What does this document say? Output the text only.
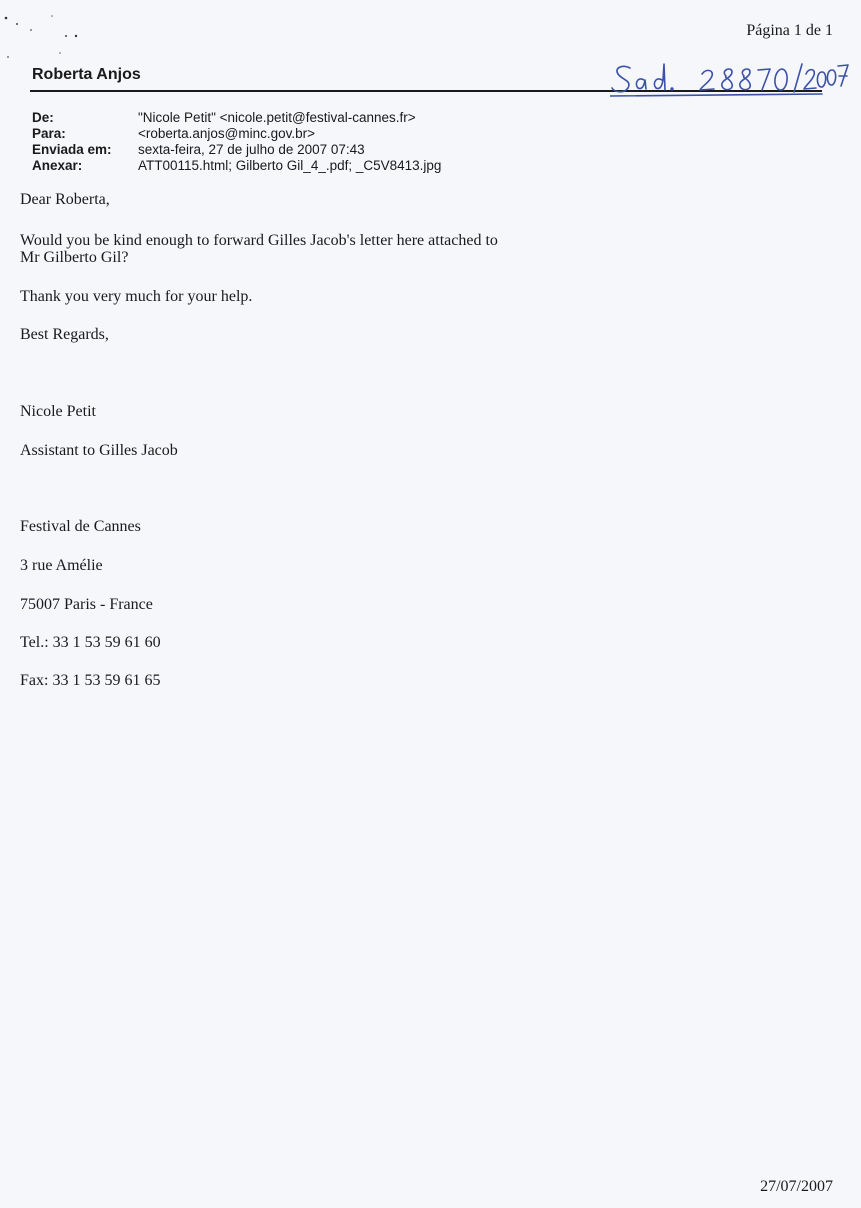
Página 1 de 1
Roberta Anjos
De:	"Nicole Petit" <nicole.petit@festival-cannes.fr>
Para:	<roberta.anjos@minc.gov.br>
Enviada em:	sexta-feira, 27 de julho de 2007 07:43
Anexar:	ATT00115.html; Gilberto Gil_4_.pdf; _C5V8413.jpg
Dear Roberta,
Would you be kind enough to forward Gilles Jacob's letter here attached to
Mr Gilberto Gil?
Thank you very much for your help.
Best Regards,
Nicole Petit
Assistant to Gilles Jacob
Festival de Cannes
3 rue Amélie
75007 Paris - France
Tel.: 33 1 53 59 61 60
Fax: 33 1 53 59 61 65
27/07/2007
